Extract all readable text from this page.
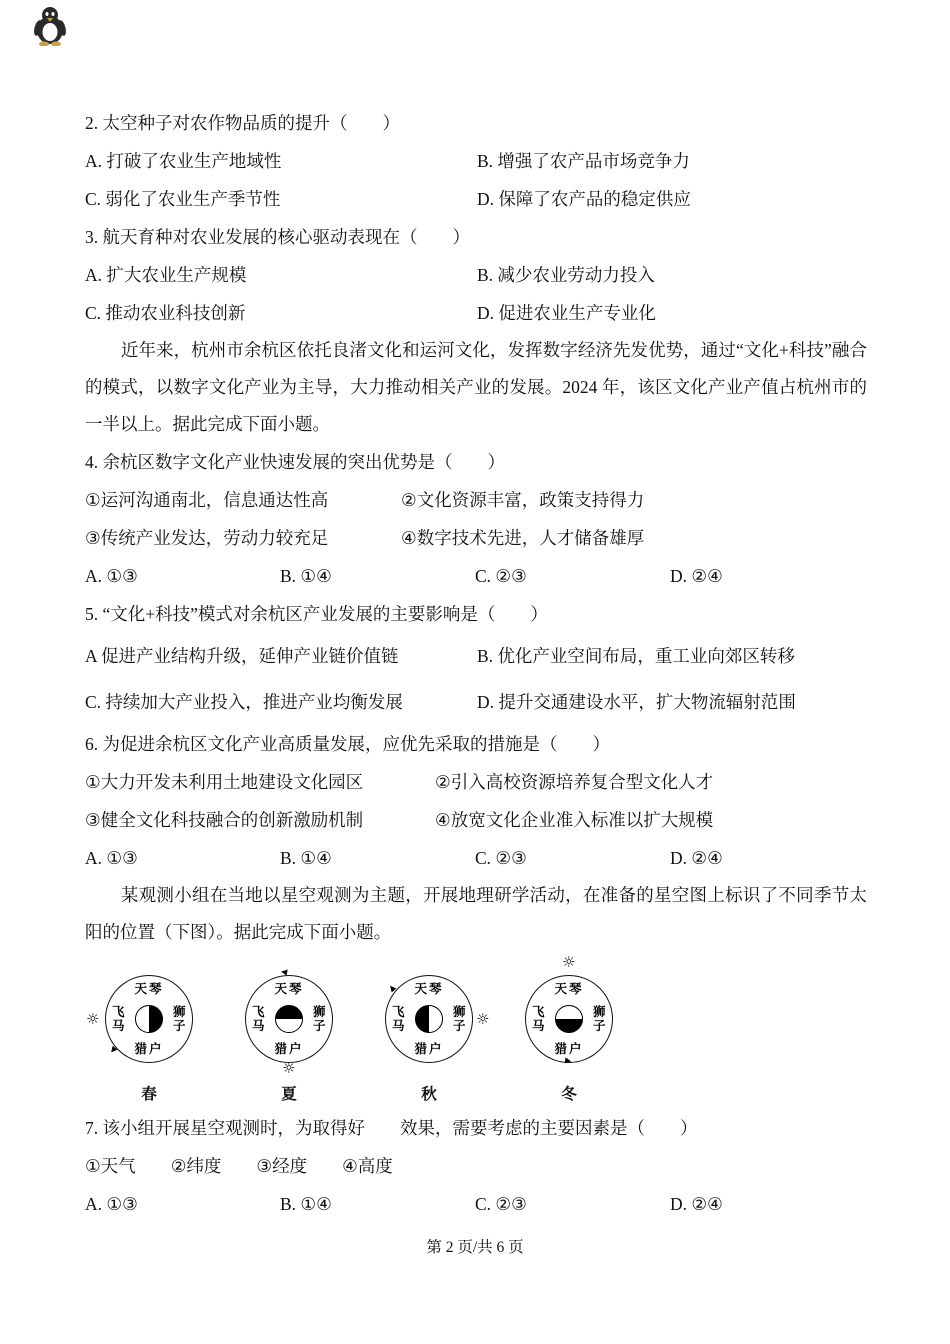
2. 太空种子对农作物品质的提升（　　）
A. 打破了农业生产地域性	B. 增强了农产品市场竞争力
C. 弱化了农业生产季节性	D. 保障了农产品的稳定供应
3. 航天育种对农业发展的核心驱动表现在（　　）
A. 扩大农业生产规模	B. 减少农业劳动力投入
C. 推动农业科技创新	D. 促进农业生产专业化

近年来，杭州市余杭区依托良渚文化和运河文化，发挥数字经济先发优势，通过“文化+科技”融合的模式，以数字文化产业为主导，大力推动相关产业的发展。2024 年，该区文化产业产值占杭州市的一半以上。据此完成下面小题。

4. 余杭区数字文化产业快速发展的突出优势是（　　）
①运河沟通南北，信息通达性高	②文化资源丰富，政策支持得力
③传统产业发达，劳动力较充足	④数字技术先进，人才储备雄厚
A. ①③	B. ①④	C. ②③	D. ②④
5. “文化+科技”模式对余杭区产业发展的主要影响是（　　）
A 促进产业结构升级，延伸产业链价值链	B. 优化产业空间布局，重工业向郊区转移
C. 持续加大产业投入，推进产业均衡发展	D. 提升交通建设水平，扩大物流辐射范围
6. 为促进余杭区文化产业高质量发展，应优先采取的措施是（　　）
①大力开发未利用土地建设文化园区	②引入高校资源培养复合型文化人才
③健全文化科技融合的创新激励机制	④放宽文化企业准入标准以扩大规模
A. ①③	B. ①④	C. ②③	D. ②④

某观测小组在当地以星空观测为主题，开展地理研学活动，在准备的星空图上标识了不同季节太阳的位置（下图）。据此完成下面小题。

天琴
猎户
飞马
狮子
☼
▶
春
天琴
猎户
飞马
狮子
☼
▶
夏
天琴
猎户
飞马
狮子 ☼
▶
秋
天琴
猎户
飞马
狮子
☼
▶
冬
7. 该小组开展星空观测时，为取得好　　效果，需要考虑的主要因素是（　　）
①天气　　②纬度　　③经度　　④高度
A. ①③	B. ①④	C. ②③	D. ②④
第 2 页/共 6 页
